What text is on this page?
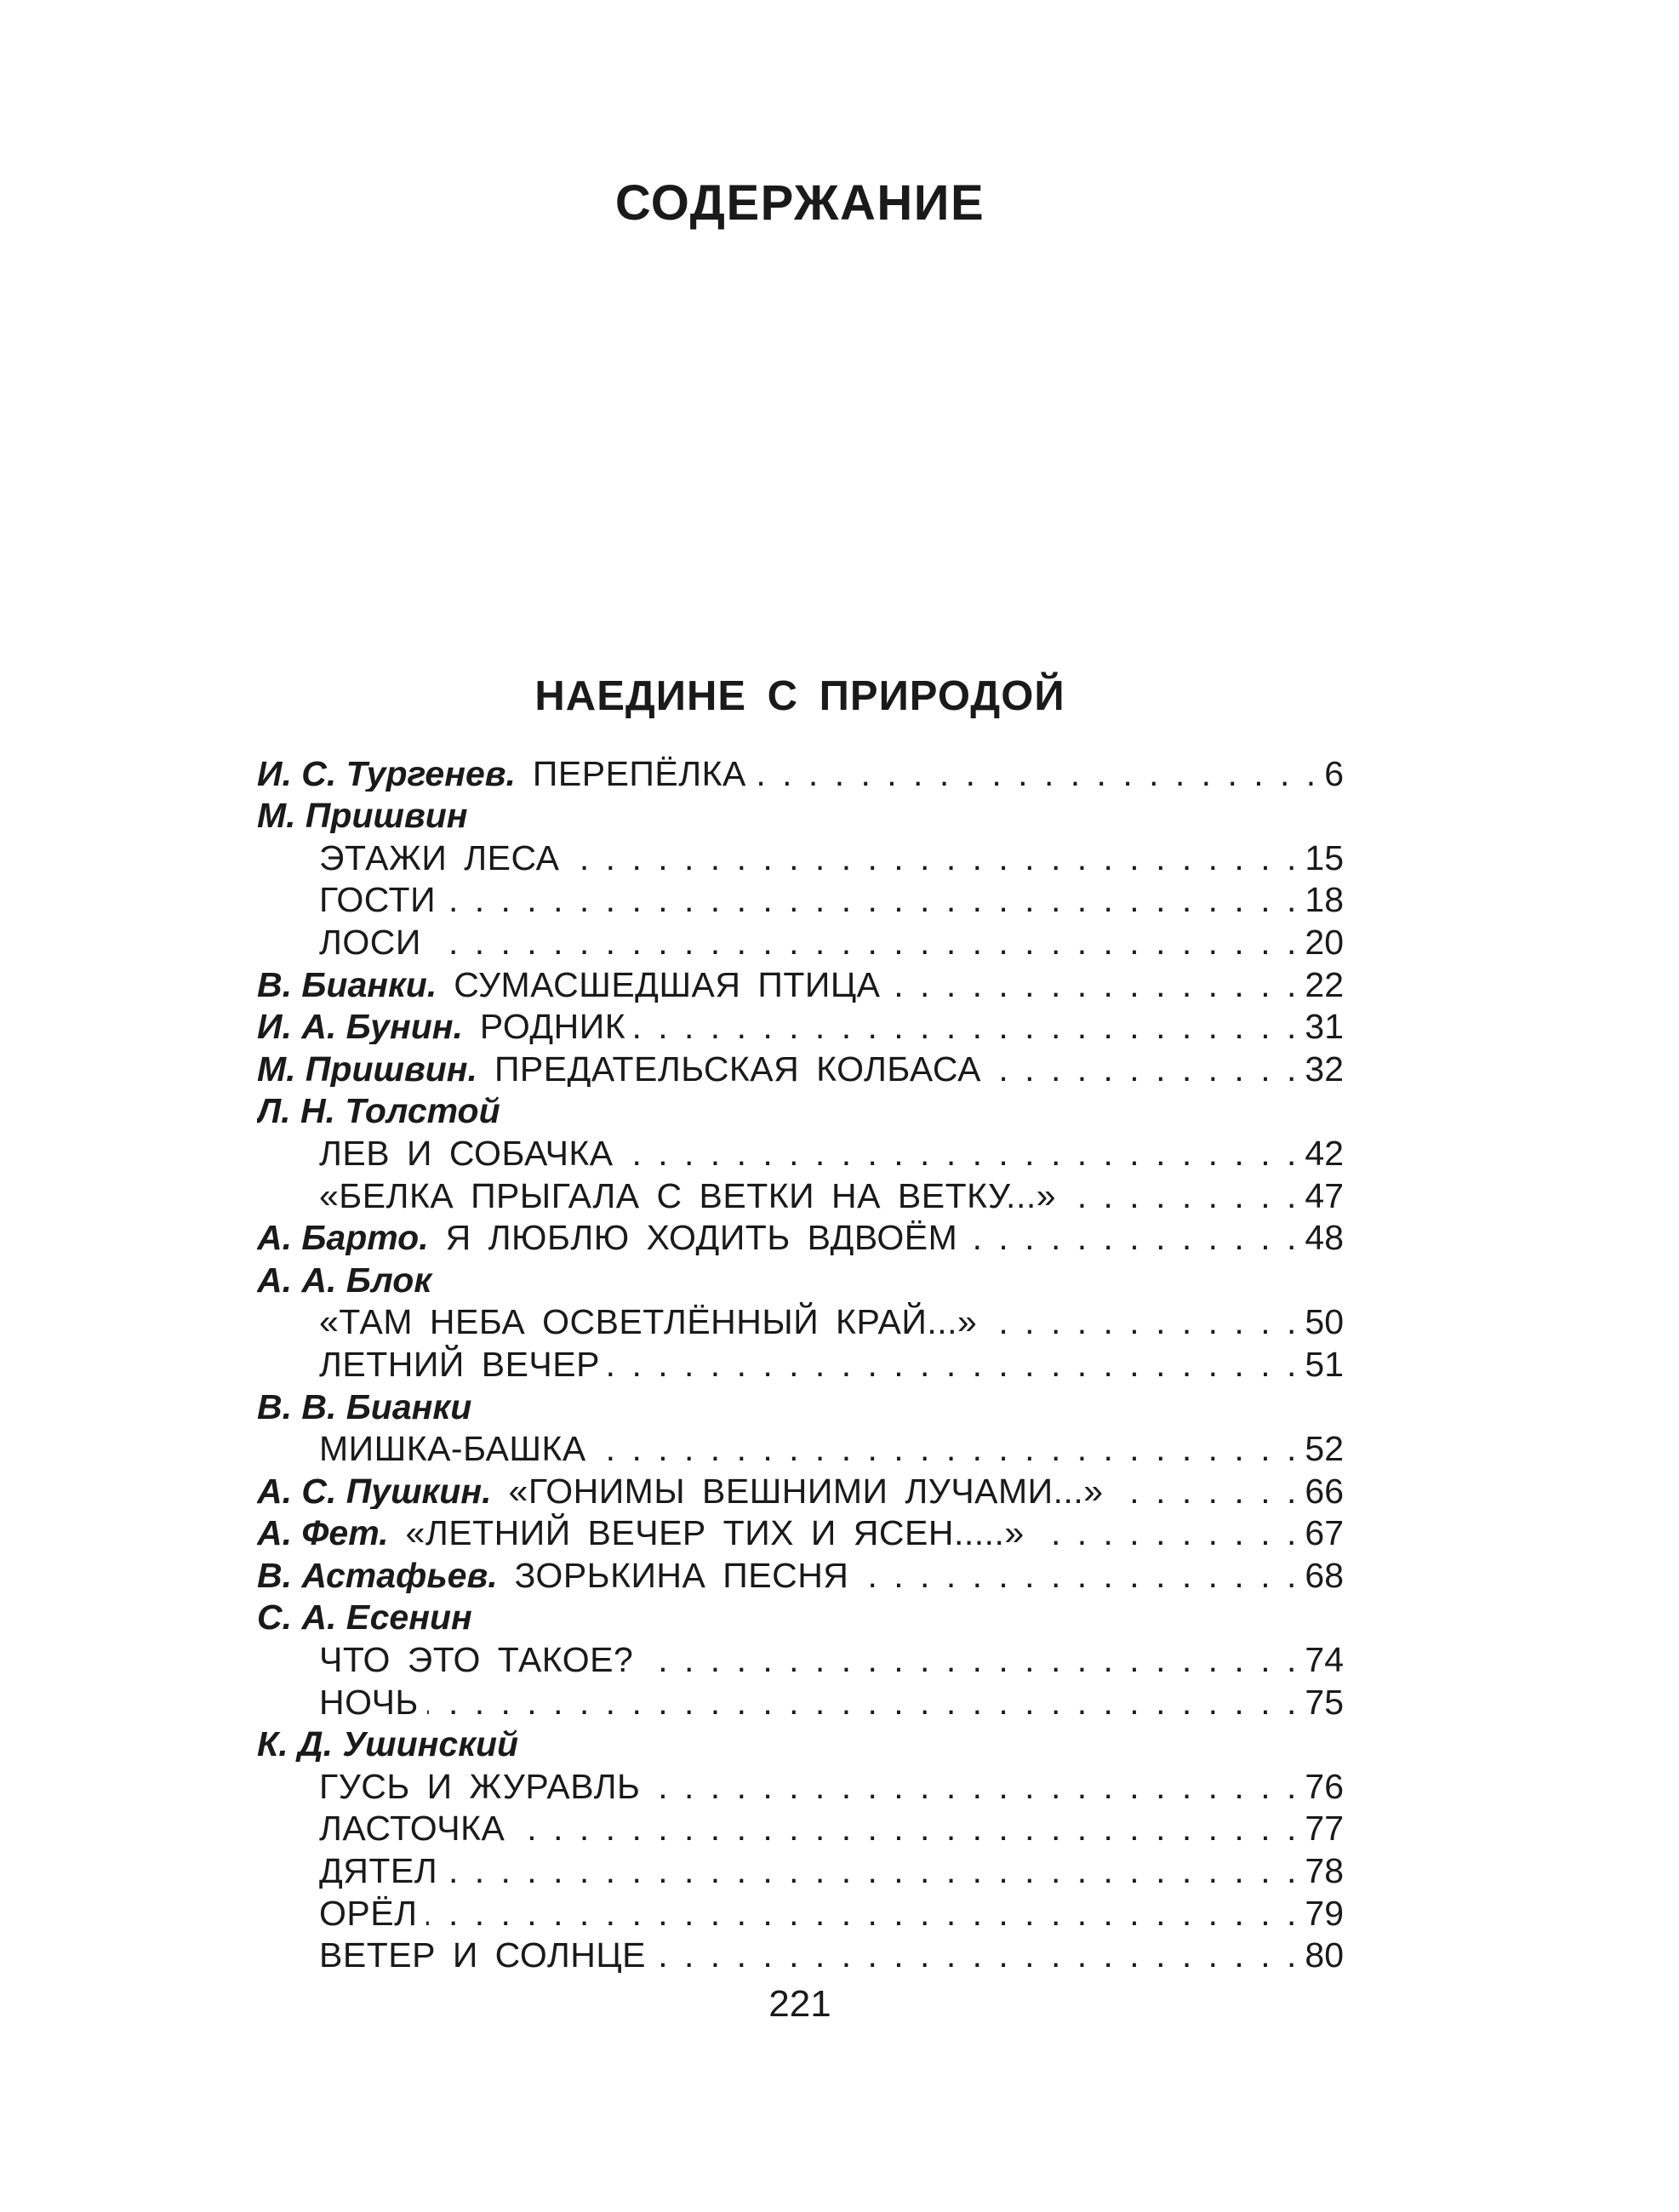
СОДЕРЖАНИЕ
НАЕДИНЕ С ПРИРОДОЙ
И. С. Тургенев. ПЕРЕПЁЛКА . . .	6
М. Пришвин
ЭТАЖИ ЛЕСА . . .	15
ГОСТИ . . .	18
ЛОСИ . . .	20
В. Бианки. СУМАСШЕДШАЯ ПТИЦА . . .	22
И. А. Бунин. РОДНИК . . .	31
М. Пришвин. ПРЕДАТЕЛЬСКАЯ КОЛБАСА . . .	32
Л. Н. Толстой
ЛЕВ И СОБАЧКА . . .	42
«БЕЛКА ПРЫГАЛА С ВЕТКИ НА ВЕТКУ...» . . .	47
А. Барто. Я ЛЮБЛЮ ХОДИТЬ ВДВОЁМ . . .	48
А. А. Блок
«ТАМ НЕБА ОСВЕТЛЁННЫЙ КРАЙ...» . . .	50
ЛЕТНИЙ ВЕЧЕР . . .	51
В. В. Бианки
МИШКА-БАШКА . . .	52
А. С. Пушкин. «ГОНИМЫ ВЕШНИМИ ЛУЧАМИ...» . . .	66
А. Фет. «ЛЕТНИЙ ВЕЧЕР ТИХ И ЯСЕН.....» . . .	67
В. Астафьев. ЗОРЬКИНА ПЕСНЯ . . .	68
С. А. Есенин
ЧТО ЭТО ТАКОЕ? . . .	74
НОЧЬ . . .	75
К. Д. Ушинский
ГУСЬ И ЖУРАВЛЬ . . .	76
ЛАСТОЧКА . . .	77
ДЯТЕЛ . . .	78
ОРЁЛ . . .	79
ВЕТЕР И СОЛНЦЕ . . .	80
221
